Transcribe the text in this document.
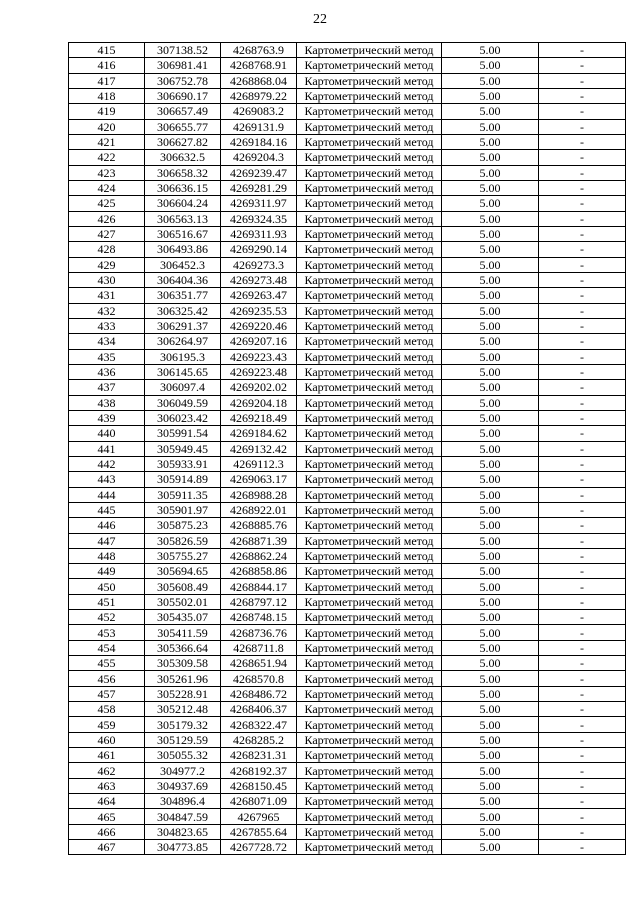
22
415	307138.52	4268763.9	Картометрический метод	5.00	-
416	306981.41	4268768.91	Картометрический метод	5.00	-
417	306752.78	4268868.04	Картометрический метод	5.00	-
418	306690.17	4268979.22	Картометрический метод	5.00	-
419	306657.49	4269083.2	Картометрический метод	5.00	-
420	306655.77	4269131.9	Картометрический метод	5.00	-
421	306627.82	4269184.16	Картометрический метод	5.00	-
422	306632.5	4269204.3	Картометрический метод	5.00	-
423	306658.32	4269239.47	Картометрический метод	5.00	-
424	306636.15	4269281.29	Картометрический метод	5.00	-
425	306604.24	4269311.97	Картометрический метод	5.00	-
426	306563.13	4269324.35	Картометрический метод	5.00	-
427	306516.67	4269311.93	Картометрический метод	5.00	-
428	306493.86	4269290.14	Картометрический метод	5.00	-
429	306452.3	4269273.3	Картометрический метод	5.00	-
430	306404.36	4269273.48	Картометрический метод	5.00	-
431	306351.77	4269263.47	Картометрический метод	5.00	-
432	306325.42	4269235.53	Картометрический метод	5.00	-
433	306291.37	4269220.46	Картометрический метод	5.00	-
434	306264.97	4269207.16	Картометрический метод	5.00	-
435	306195.3	4269223.43	Картометрический метод	5.00	-
436	306145.65	4269223.48	Картометрический метод	5.00	-
437	306097.4	4269202.02	Картометрический метод	5.00	-
438	306049.59	4269204.18	Картометрический метод	5.00	-
439	306023.42	4269218.49	Картометрический метод	5.00	-
440	305991.54	4269184.62	Картометрический метод	5.00	-
441	305949.45	4269132.42	Картометрический метод	5.00	-
442	305933.91	4269112.3	Картометрический метод	5.00	-
443	305914.89	4269063.17	Картометрический метод	5.00	-
444	305911.35	4268988.28	Картометрический метод	5.00	-
445	305901.97	4268922.01	Картометрический метод	5.00	-
446	305875.23	4268885.76	Картометрический метод	5.00	-
447	305826.59	4268871.39	Картометрический метод	5.00	-
448	305755.27	4268862.24	Картометрический метод	5.00	-
449	305694.65	4268858.86	Картометрический метод	5.00	-
450	305608.49	4268844.17	Картометрический метод	5.00	-
451	305502.01	4268797.12	Картометрический метод	5.00	-
452	305435.07	4268748.15	Картометрический метод	5.00	-
453	305411.59	4268736.76	Картометрический метод	5.00	-
454	305366.64	4268711.8	Картометрический метод	5.00	-
455	305309.58	4268651.94	Картометрический метод	5.00	-
456	305261.96	4268570.8	Картометрический метод	5.00	-
457	305228.91	4268486.72	Картометрический метод	5.00	-
458	305212.48	4268406.37	Картометрический метод	5.00	-
459	305179.32	4268322.47	Картометрический метод	5.00	-
460	305129.59	4268285.2	Картометрический метод	5.00	-
461	305055.32	4268231.31	Картометрический метод	5.00	-
462	304977.2	4268192.37	Картометрический метод	5.00	-
463	304937.69	4268150.45	Картометрический метод	5.00	-
464	304896.4	4268071.09	Картометрический метод	5.00	-
465	304847.59	4267965	Картометрический метод	5.00	-
466	304823.65	4267855.64	Картометрический метод	5.00	-
467	304773.85	4267728.72	Картометрический метод	5.00	-
